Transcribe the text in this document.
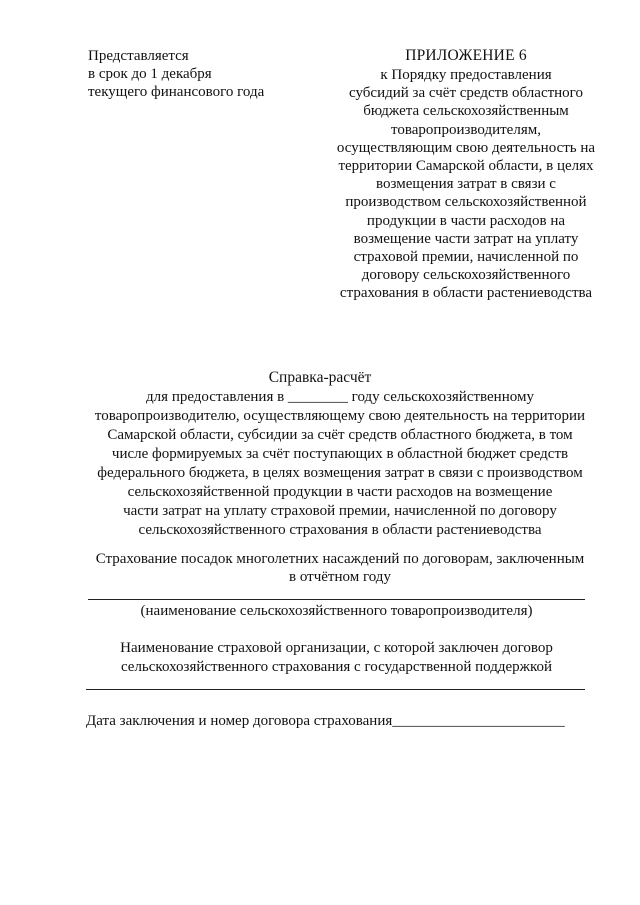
Представляется
в срок до 1 декабря
текущего финансового года
ПРИЛОЖЕНИЕ 6
к Порядку предоставления
субсидий за счёт средств областного
бюджета сельскохозяйственным
товаропроизводителям,
осуществляющим свою деятельность на
территории Самарской области, в целях
возмещения затрат в связи с
производством сельскохозяйственной
продукции в части расходов на
возмещение части затрат на уплату
страховой премии, начисленной по
договору сельскохозяйственного
страхования в области растениеводства
Справка-расчёт
для предоставления в ________ году сельскохозяйственному
товаропроизводителю, осуществляющему свою деятельность на территории
Самарской области, субсидии за счёт средств областного бюджета, в том
числе формируемых за счёт поступающих в областной бюджет средств
федерального бюджета, в целях возмещения затрат в связи с производством
сельскохозяйственной продукции в части расходов на возмещение
части затрат на уплату страховой премии, начисленной по договору
сельскохозяйственного страхования в области растениеводства
Страхование посадок многолетних насаждений по договорам, заключенным
в отчётном году
(наименование сельскохозяйственного товаропроизводителя)
Наименование страховой организации, с которой заключен договор
сельскохозяйственного страхования с государственной поддержкой
Дата заключения и номер договора страхования_______________________
